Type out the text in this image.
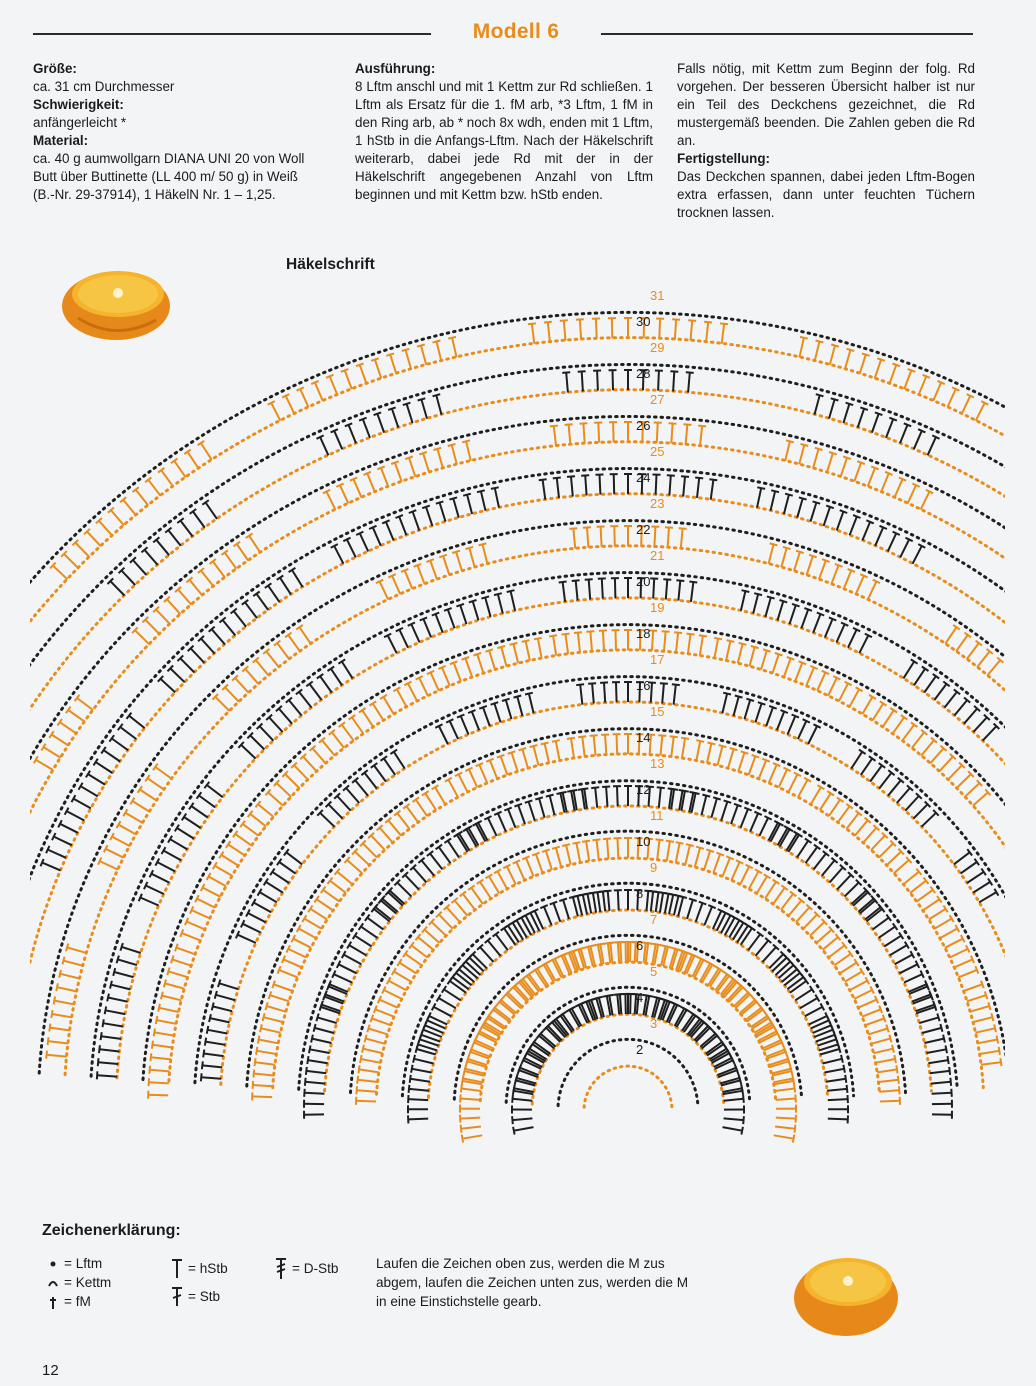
Modell 6
Größe:

ca. 31 cm Durchmesser

Schwierigkeit:

anfängerleicht *

Material:

ca. 40 g aumwollgarn DIANA UNI 20 von Woll

Butt über Buttinette (LL 400 m/ 50 g) in Weiß

(B.-Nr. 29-37914), 1 HäkelN Nr. 1 – 1,25.

Ausführung:

8 Lftm anschl und mit 1 Kettm zur Rd schließen. 1 Lftm als Ersatz für die 1. fM arb, *3 Lftm, 1 fM in den Ring arb, ab * noch 8x wdh, enden mit 1 Lftm, 1 hStb in die Anfangs-Lftm. Nach der Häkelschrift weiterarb, dabei jede Rd mit der in der Häkelschrift angegebenen Anzahl von Lftm beginnen und mit Kettm bzw. hStb enden.

Falls nötig, mit Kettm zum Beginn der folg. Rd vorgehen. Der besseren Übersicht halber ist nur ein Teil des Deckchens gezeichnet, die Rd mustergemäß beenden. Die Zahlen geben die Rd an.

Fertigstellung:

Das Deckchen spannen, dabei jeden Lftm-Bogen extra erfassen, dann unter feuchten Tüchern trocknen lassen.

Häkelschrift
2
3
4
5
6
7
8
9
10
11
12
13
14
15
16
17
18
19
20
21
22
23
24
25
26
27
28
29
30
31
Zeichenerklärung:
= Lftm
= Kettm
= fM
= hStb
= Stb
= D-Stb	Laufen die Zeichen oben zus, werden die M zus abgem, laufen die Zeichen unten zus, werden die M in eine Einstichstelle gearb.
12
